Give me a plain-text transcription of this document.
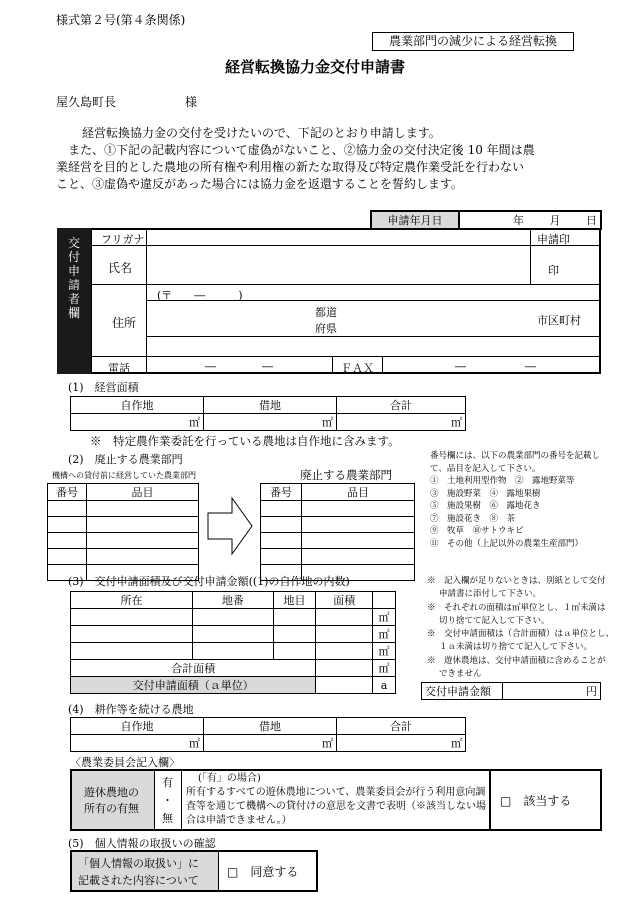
様式第２号(第４条関係)
農業部門の減少による経営転換
経営転換協力金交付申請書
屋久島町長	様
経営転換協力金の交付を受けたいので、下記のとおり申請します。
また、①下記の記載内容について虚偽がないこと、②協力金の交付決定後 10 年間は農
業経営を目的とした農地の所有権や利用権の新たな取得及び特定農作業受託を行わない
こと、③虚偽や違反があった場合には協力金を返還することを誓約します。
申請年月日	年 月 日
交付申請者欄
フリガナ	申請印
氏名	印
住所
(〒　　―　　　)
都道
府県
市区町村
電話	―	―	ＦＡＸ	―	―
(1)　経営面積
自作地	借地	合計
㎡	㎡	㎡
※　特定農作業委託を行っている農地は自作地に含みます。
(2)　廃止する農業部門
機構への貸付前に経営していた農業部門	廃止する農業部門
番号	品目

		番号	品目

番号欄には、以下の農業部門の番号を記載し
て、品目を記入して下さい。
①　土地利用型作物　②　露地野菜等
③　施設野菜　④　露地果樹
⑤　施設果樹　⑥　露地花き
⑦　施設花き　⑧　茶
⑨　牧草　⑩サトウキビ
⑪　その他（上記以外の農業生産部門）
(3)　交付申請面積及び交付申請金額((1)の自作地の内数)
所在	地番	地目	面積	
				㎡
				㎡
				㎡
合計面積				㎡
交付申請面積（ａ単位）				a
※　記入欄が足りないときは、別紙として交付
申請書に添付して下さい。
※　それぞれの面積は㎡単位とし、１㎡未満は
切り捨てて記入して下さい。
※　交付申請面積は（合計面積）はａ単位とし、
１ａ未満は切り捨てて記入して下さい。
※　遊休農地は、交付申請面積に含めることが
できません
交付申請金額	円
(4)　耕作等を続ける農地
自作地	借地	合計
㎡	㎡	㎡
〈農業委員会記入欄〉
遊休農地の
所有の有無
有
・
無
(「有」の場合)
所有するすべての遊休農地について、農業委員会が行う利用意向調
査等を通じて機構への貸付けの意思を文書で表明（※該当しない場
合は申請できません。）
□　該当する
(5)　個人情報の取扱いの確認
「個人情報の取扱い」に
記載された内容について
□　同意する
